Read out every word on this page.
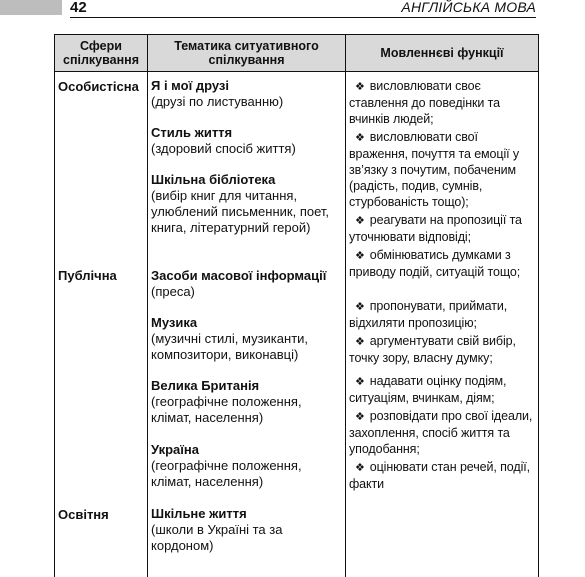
42	АНГЛІЙСЬКА МОВА
Сфери спілкування
Тематика ситуативного спілкування	Мовленнєві функції
Особистісна
Публічна
Освітня
Я і мої друзі
(друзі по листуванню)
Стиль життя
(здоровий спосіб життя)
Шкільна бібліотека
(вибір книг для читання, улюблений письменник, поет, книга, літературний герой)
Засоби масової інформації
(преса)
Музика
(музичні стилі, музиканти, композитори, виконавці)
Велика Британія
(географічне положення, клімат, населення)
Україна
(географічне положення, клімат, населення)
Шкільне життя
(школи в Україні та за кордоном)
❖ висловлювати своє ставлення до поведінки та вчинків людей;
❖ висловлювати свої враження, почуття та емоції у зв’язку з почутим, побаченим (радість, подив, сумнів, стурбованість тощо);
❖ реагувати на пропозиції та уточнювати відповіді;
❖ обмінюватись думками з приводу подій, ситуацій тощо;
❖ пропонувати, приймати, відхиляти пропозицію;
❖ аргументувати свій вибір, точку зору, власну думку;
❖ надавати оцінку подіям, ситуаціям, вчинкам, діям;
❖ розповідати про свої ідеали, захоплення, спосіб життя та уподобання;
❖ оцінювати стан речей, події, факти
